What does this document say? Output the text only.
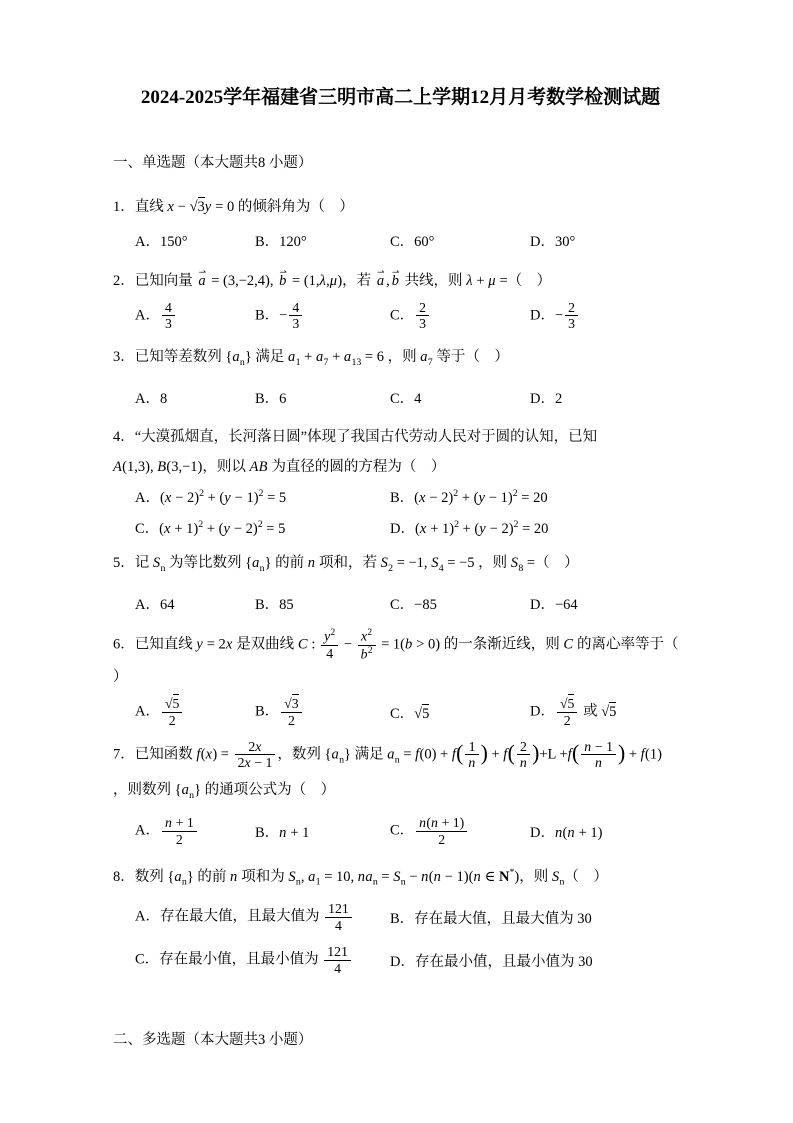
2024-2025学年福建省三明市高二上学期12月月考数学检测试题
一、单选题（本大题共8 小题）

1．直线 x − √ 3y = 0 的倾斜角为（　）

A．150°	B．120°	C．60°	D．30°

2．已知向量 a ⇀ = (3,−2,4), b ⇀ = (1,λ,μ)，若 a ⇀ , b ⇀ 共线，则 λ + μ =（　）

A． $\frac{4}{3}$	B．− $\frac{4}{3}$	C． $\frac{2}{3}$	D．− $\frac{2}{3}$

3．已知等差数列 $\{a_n\}$ 满足 $a_1 + a_7 + a_{13} = 6$ ，则 $a_7$ 等于（　）

A．8	B．6	C．4	D．2

4．“大漠孤烟直，长河落日圆”体现了我国古代劳动人民对于圆的认知，已知

A(1,3), B(3,−1)，则以 AB 为直径的圆的方程为（　）

A．$(x - 2)^2 + (y - 1)^2 = 5$	B．$(x - 2)^2 + (y - 1)^2 = 20$
C．$(x + 1)^2 + (y - 2)^2 = 5$	D．$(x + 1)^2 + (y - 2)^2 = 20$

5．记 $S_n$ 为等比数列 $\{a_n\}$ 的前 n 项和，若 $S_2 = -1$, $S_4 = -5$ ，则 $S_8$ =（　）

A．64	B．85	C．−85	D．−64

6．已知直线 y = 2x 是双曲线 C : $\frac{y^2}{4} - \frac{x^2}{b^2} = 1(b > 0)$ 的一条渐近线，则 C 的离心率等于（

）

A． √ $\frac{5}{2}$	B． √ $\frac{3}{2}$	C． √ 5	D． √ $\frac{5}{2}$ 或 √ 5

7．已知函数 $f(x) = \frac{2x}{2x - 1}$ ，数列 $\{a_n\}$ 满足 $a_n = f(0) + f( \frac{1}{n}$ ) + $f( \frac{2}{n} )+L +f( \frac{n - 1}{n}$ ) + f(1)

，则数列 $\{a_n\}$ 的通项公式为（　）

A． $\frac{n + 1}{2}$	B．n + 1	C． $\frac{n(n + 1)}{2}$	D．n(n + 1)

8．数列 $\{a_n\}$ 的前 n 项和为 $S_n$, $a_1 = 10$, $na_n = S_n - n(n - 1)(n$ ∈ N*)，则 $S_n$（　）

A．存在最大值，且最大值为 $\frac{121}{4}$	B．存在最大值，且最大值为 30
C．存在最小值，且最小值为 $\frac{121}{4}$	D．存在最小值，且最小值为 30
二、多选题（本大题共3 小题）
